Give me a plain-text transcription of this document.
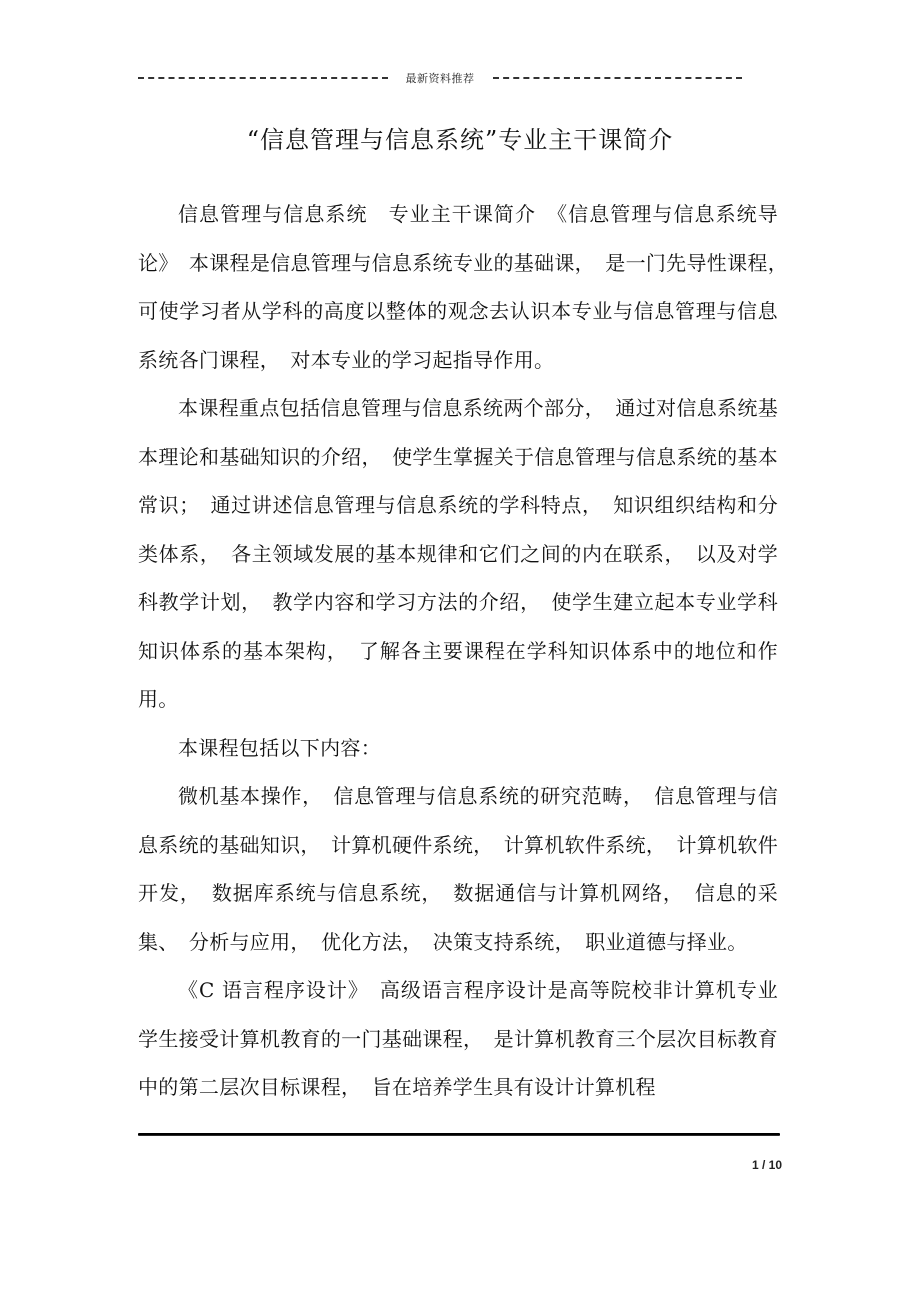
最新资料推荐
“信息管理与信息系统”专业主干课简介

信息管理与信息系统　专业主干课简介　《信息管理与信息系统导论》　本课程是信息管理与信息系统专业的基础课，　是一门先导性课程，　可使学习者从学科的高度以整体的观念去认识本专业与信息管理与信息系统各门课程，　对本专业的学习起指导作用。

本课程重点包括信息管理与信息系统两个部分，　通过对信息系统基本理论和基础知识的介绍，　使学生掌握关于信息管理与信息系统的基本常识；　通过讲述信息管理与信息系统的学科特点，　知识组织结构和分类体系，　各主领域发展的基本规律和它们之间的内在联系，　以及对学科教学计划，　教学内容和学习方法的介绍，　使学生建立起本专业学科知识体系的基本架构，　了解各主要课程在学科知识体系中的地位和作用。

本课程包括以下内容：

微机基本操作，　信息管理与信息系统的研究范畴，　信息管理与信息系统的基础知识，　计算机硬件系统，　计算机软件系统，　计算机软件开发，　数据库系统与信息系统，　数据通信与计算机网络，　信息的采集、　分析与应用，　优化方法，　决策支持系统，　职业道德与择业。

《C 语言程序设计》　高级语言程序设计是高等院校非计算机专业学生接受计算机教育的一门基础课程，　是计算机教育三个层次目标教育中的第二层次目标课程，　旨在培养学生具有设计计算机程

1 / 10
